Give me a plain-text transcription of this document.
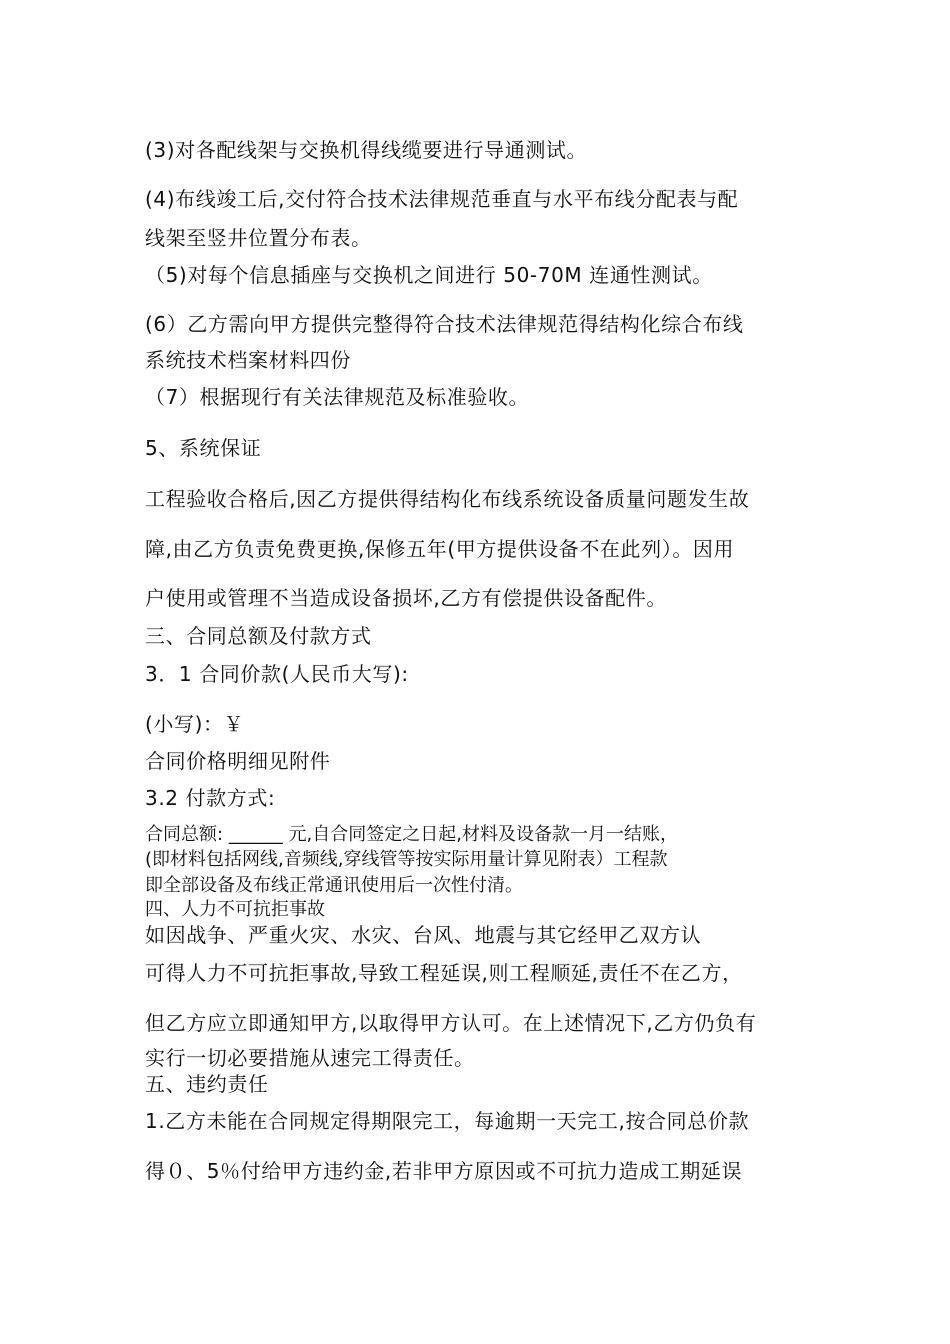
(3)对各配线架与交换机得线缆要进行导通测试。
(4)布线竣工后,交付符合技术法律规范垂直与水平布线分配表与配
线架至竖井位置分布表。
（5)对每个信息插座与交换机之间进行 50-70M 连通性测试。
(6）乙方需向甲方提供完整得符合技术法律规范得结构化综合布线
系统技术档案材料四份
（7）根据现行有关法律规范及标准验收。
5、系统保证
工程验收合格后,因乙方提供得结构化布线系统设备质量问题发生故
障,由乙方负责免费更换,保修五年(甲方提供设备不在此列）。因用
户使用或管理不当造成设备损坏,乙方有偿提供设备配件。
三、合同总额及付款方式
3．1 合同价款(人民币大写):
(小写)：￥
合同价格明细见附件
3.2 付款方式:
合同总额: ______ 元,自合同签定之日起,材料及设备款一月一结账，
(即材料包括网线,音频线,穿线管等按实际用量计算见附表）工程款
即全部设备及布线正常通讯使用后一次性付清。
四、人力不可抗拒事故
如因战争、严重火灾、水灾、台风、地震与其它经甲乙双方认
可得人力不可抗拒事故,导致工程延误,则工程顺延,责任不在乙方，
但乙方应立即通知甲方,以取得甲方认可。在上述情况下,乙方仍负有
实行一切必要措施从速完工得责任。
五、违约责任
1.乙方未能在合同规定得期限完工，每逾期一天完工,按合同总价款
得０、5％付给甲方违约金,若非甲方原因或不可抗力造成工期延误
